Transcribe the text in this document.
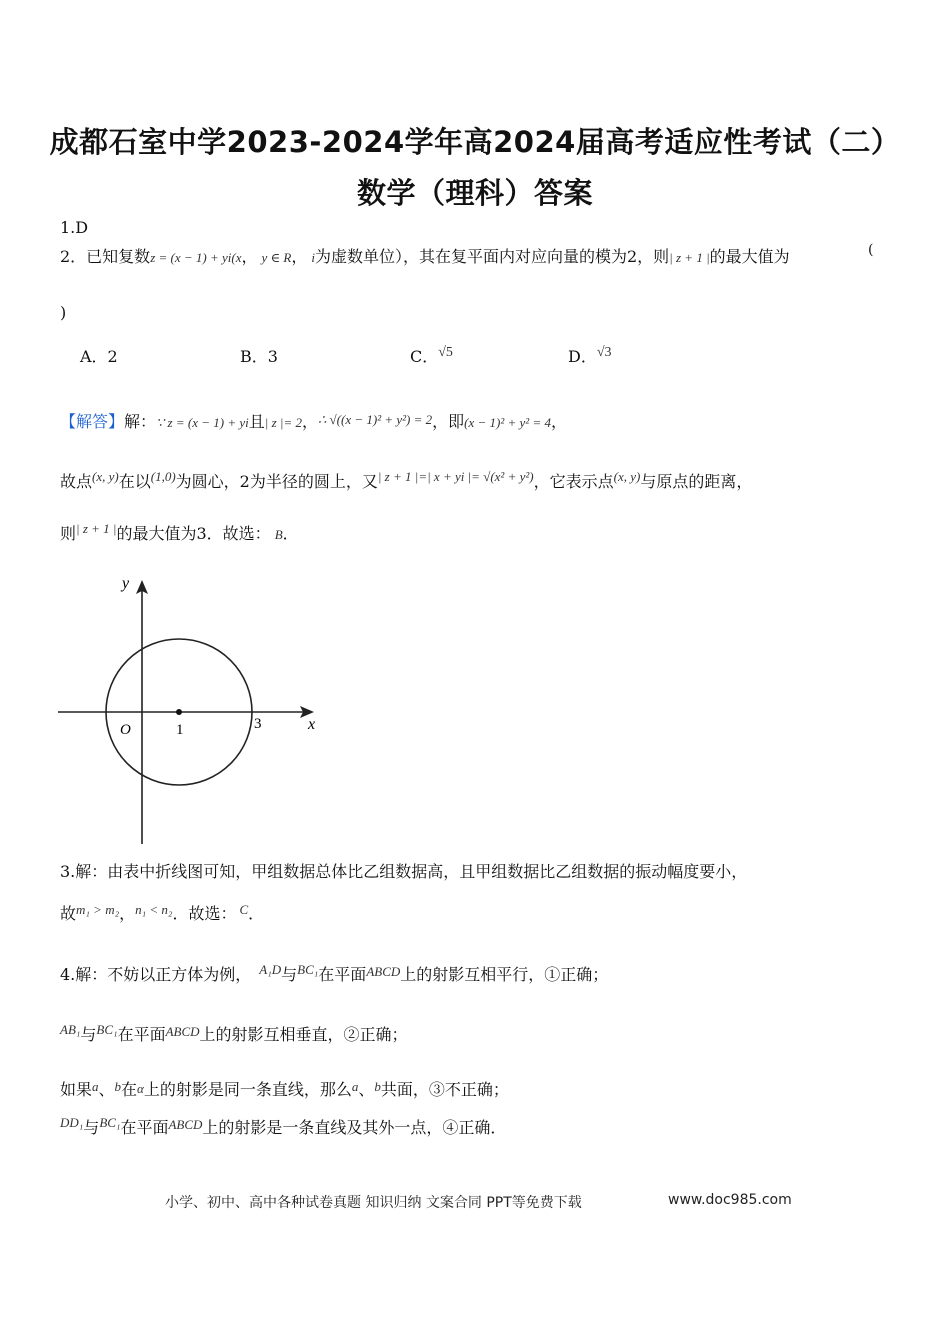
成都石室中学2023-2024学年高2024届高考适应性考试（二）
数学（理科）答案
1.D
2．已知复数z = (x − 1) + yi(x， y ∈ R， i为虚数单位），其在复平面内对应向量的模为2，则| z + 1 |的最大值为	(
)
A．2	B．3	C．√5	D．√3
【解答】解：∵ z = (x − 1) + yi且| z |= 2，∴ √((x − 1)² + y²) = 2，即(x − 1)² + y² = 4，
故点$^{(x, y)}$在以$^{(1,0)}$为圆心，2为半径的圆上，又$^{| z + 1 |=| x + yi |= √(x^2 + y^2)}$，它表示点$^{(x, y)}$与原点的距离，
则$^{| z + 1 |}$的最大值为3．故选： B．
y
x
O	1	3
3.解：由表中折线图可知，甲组数据总体比乙组数据高，且甲组数据比乙组数据的振动幅度要小，
故$^{m_1 > m_2}$，$^{n_1 < n_2}$．故选： $^C$．
4.解：不妨以正方体为例， $^{A_1D}$与$^{BC_1}$在平面$^{ABCD}$上的射影互相平行，①正确；
$^{AB_1}$与$^{BC_1}$在平面$^{ABCD}$上的射影互相垂直，②正确；
如果$^a$、$^b$在α上的射影是同一条直线，那么$^a$、$^b$共面，③不正确；
$^{DD_1}$与$^{BC_1}$在平面$^{ABCD}$上的射影是一条直线及其外一点，④正确．
小学、初中、高中各种试卷真题 知识归纳 文案合同 PPT等免费下载	www.doc985.com
